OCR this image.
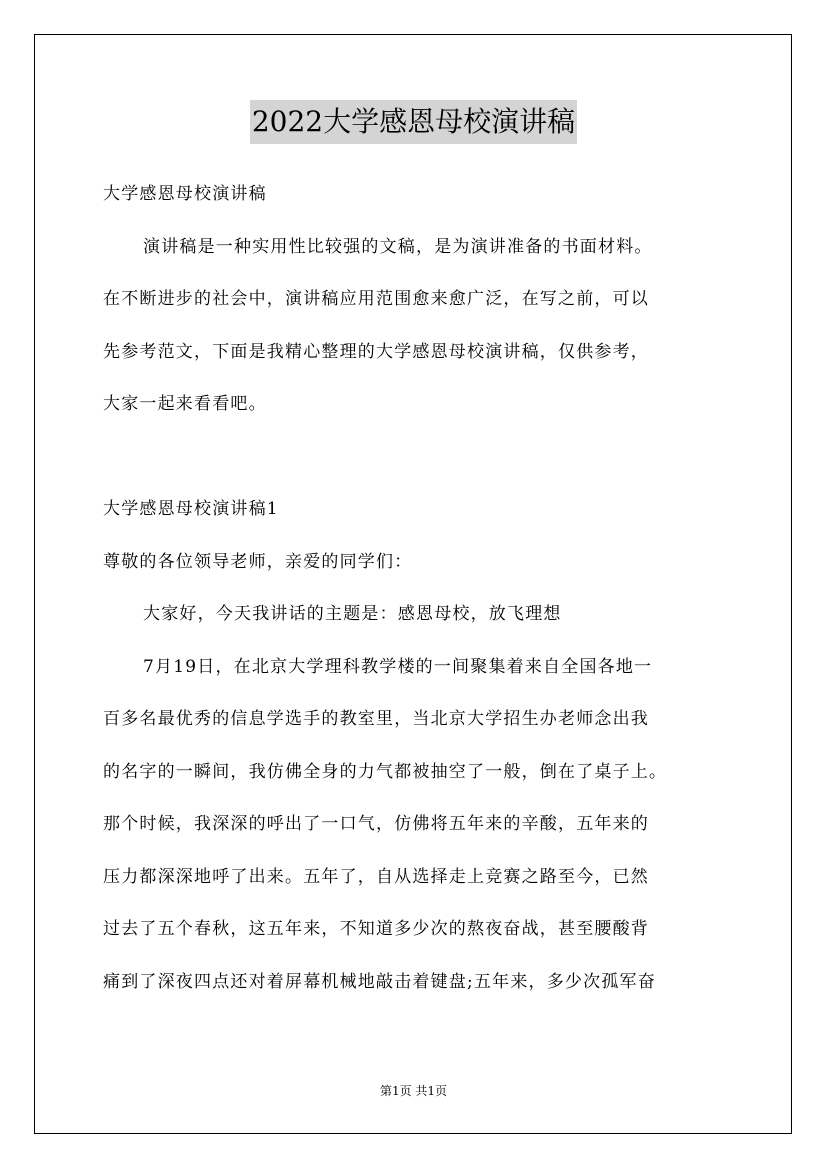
2022大学感恩母校演讲稿
大学感恩母校演讲稿
演讲稿是一种实用性比较强的文稿，是为演讲准备的书面材料。
在不断进步的社会中，演讲稿应用范围愈来愈广泛，在写之前，可以
先参考范文，下面是我精心整理的大学感恩母校演讲稿，仅供参考，
大家一起来看看吧。
大学感恩母校演讲稿1
尊敬的各位领导老师，亲爱的同学们：
大家好，今天我讲话的主题是：感恩母校，放飞理想
7月19日，在北京大学理科教学楼的一间聚集着来自全国各地一
百多名最优秀的信息学选手的教室里，当北京大学招生办老师念出我
的名字的一瞬间，我仿佛全身的力气都被抽空了一般，倒在了桌子上。
那个时候，我深深的呼出了一口气，仿佛将五年来的辛酸，五年来的
压力都深深地呼了出来。五年了，自从选择走上竞赛之路至今，已然
过去了五个春秋，这五年来，不知道多少次的熬夜奋战，甚至腰酸背
痛到了深夜四点还对着屏幕机械地敲击着键盘;五年来，多少次孤军奋
第1页 共1页
